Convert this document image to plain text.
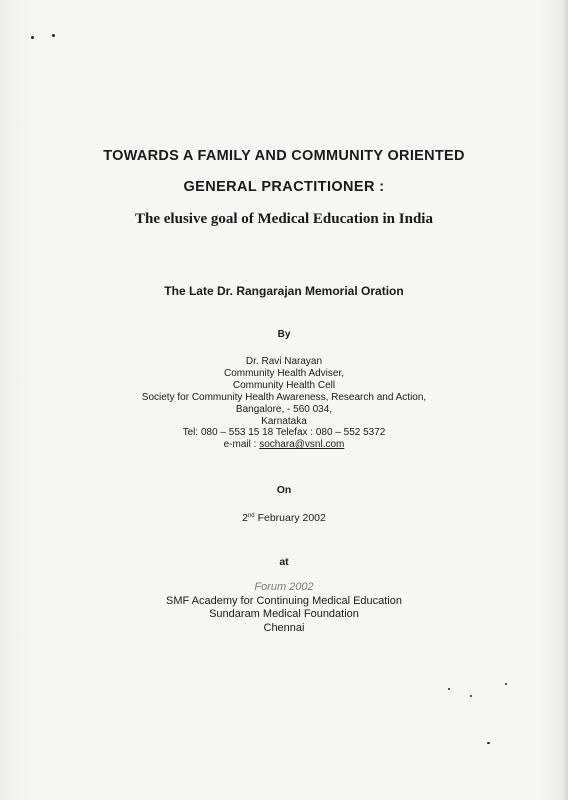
TOWARDS A FAMILY AND COMMUNITY ORIENTED
GENERAL PRACTITIONER :
The elusive goal of Medical Education in India
The Late Dr. Rangarajan Memorial Oration
By
Dr. Ravi Narayan
Community Health Adviser,
Community Health Cell
Society for Community Health Awareness, Research and Action,
Bangalore, - 560 034,
Karnataka
Tel: 080 – 553 15 18 Telefax : 080 – 552 5372
e-mail : sochara@vsnl.com
On
2nd February 2002
at
Forum 2002
SMF Academy for Continuing Medical Education
Sundaram Medical Foundation
Chennai
